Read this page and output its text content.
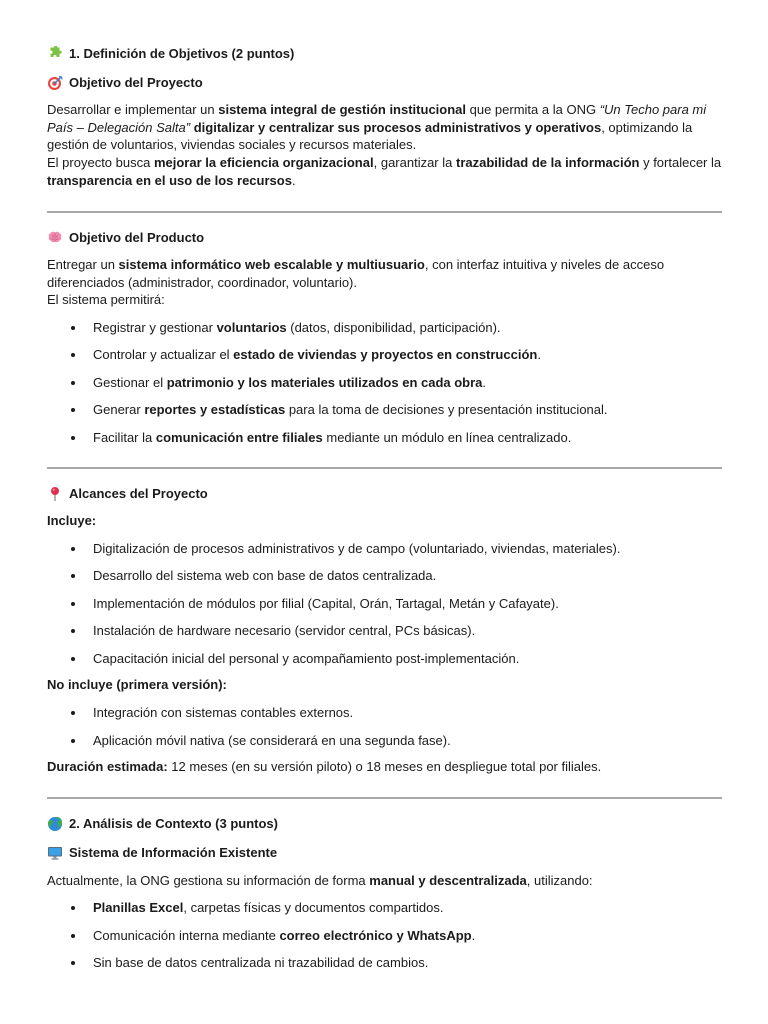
1. Definición de Objetivos (2 puntos)
Objetivo del Proyecto

Desarrollar e implementar un sistema integral de gestión institucional que permita a la ONG “Un Techo para mi País – Delegación Salta” digitalizar y centralizar sus procesos administrativos y operativos, optimizando la gestión de voluntarios, viviendas sociales y recursos materiales.

El proyecto busca mejorar la eficiencia organizacional, garantizar la trazabilidad de la información y fortalecer la transparencia en el uso de los recursos.

Objetivo del Producto

Entregar un sistema informático web escalable y multiusuario, con interfaz intuitiva y niveles de acceso diferenciados (administrador, coordinador, voluntario).

El sistema permitirá:

Registrar y gestionar voluntarios (datos, disponibilidad, participación).
Controlar y actualizar el estado de viviendas y proyectos en construcción.
Gestionar el patrimonio y los materiales utilizados en cada obra.
Generar reportes y estadísticas para la toma de decisiones y presentación institucional.
Facilitar la comunicación entre filiales mediante un módulo en línea centralizado.
Alcances del Proyecto
Incluye:
Digitalización de procesos administrativos y de campo (voluntariado, viviendas, materiales).
Desarrollo del sistema web con base de datos centralizada.
Implementación de módulos por filial (Capital, Orán, Tartagal, Metán y Cafayate).
Instalación de hardware necesario (servidor central, PCs básicas).
Capacitación inicial del personal y acompañamiento post-implementación.
No incluye (primera versión):
Integración con sistemas contables externos.
Aplicación móvil nativa (se considerará en una segunda fase).

Duración estimada: 12 meses (en su versión piloto) o 18 meses en despliegue total por filiales.

2. Análisis de Contexto (3 puntos)
Sistema de Información Existente

Actualmente, la ONG gestiona su información de forma manual y descentralizada, utilizando:

Planillas Excel, carpetas físicas y documentos compartidos.
Comunicación interna mediante correo electrónico y WhatsApp.
Sin base de datos centralizada ni trazabilidad de cambios.
